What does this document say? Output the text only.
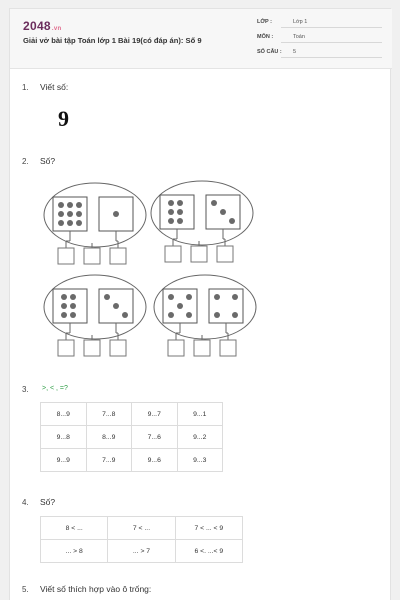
2048.vn
Giải vở bài tập Toán lớp 1 Bài 19(có đáp án): Số 9
LỚP :	Lớp 1
MÔN :	Toán
SỐ CÂU : 5
1. Viết số:
9
2. Số?
3. >, < , =?
8...9	7...8	9...7	9...1
9...8	8...9	7...6	9...2
9...9	7...9	9...6	9...3
4. Số?
8 < ...	7 < ...	7 < ... < 9
... > 8	... > 7	6 <. ...< 9
5. Viết số thích hợp vào ô trống:
